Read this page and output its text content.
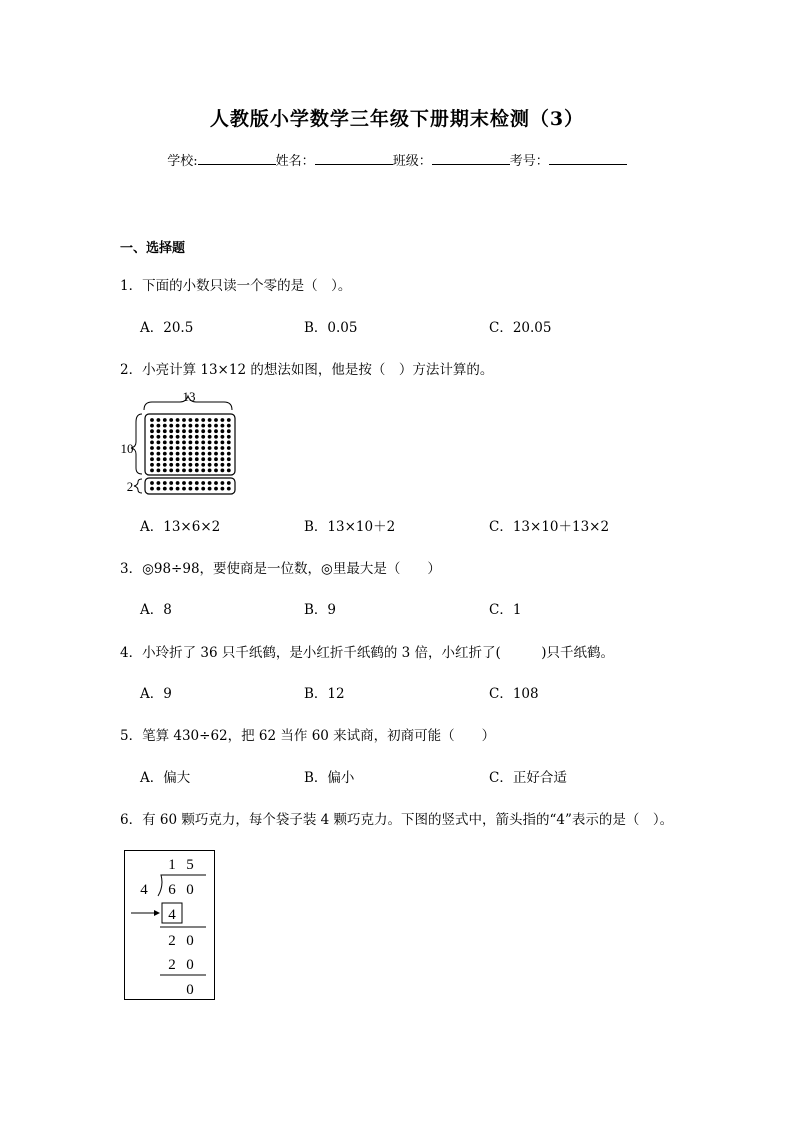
人教版小学数学三年级下册期末检测（3）
学校:	姓名：	班级：	考号：
一、选择题
1．下面的小数只读一个零的是（　）。
A．20.5	B．0.05	C．20.05
2．小亮计算 13×12 的想法如图，他是按（　）方法计算的。
13
10
2
A．13×6×2	B．13×10＋2	C．13×10＋13×2
3．◎98÷98，要使商是一位数，◎里最大是（　　）
A．8	B．9	C．1
4．小玲折了 36 只千纸鹤，是小红折千纸鹤的 3 倍，小红折了(　　　)只千纸鹤。
A．9	B．12	C．108
5．笔算 430÷62，把 62 当作 60 来试商，初商可能（　　）
A．偏大	B．偏小	C．正好合适
6．有 60 颗巧克力，每个袋子装 4 颗巧克力。下图的竖式中，箭头指的“4”表示的是（　）。
1 5
4 6 0
4
2 0
2 0
0
